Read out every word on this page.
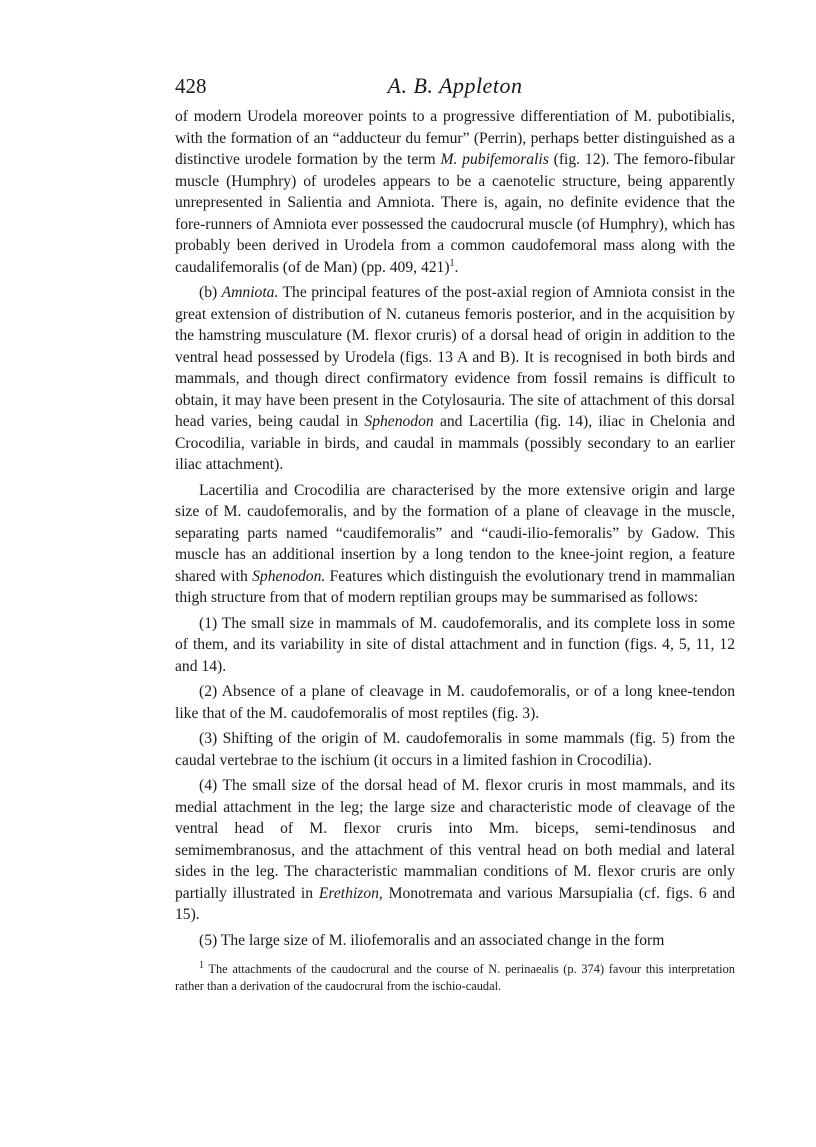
428	A. B. Appleton

of modern Urodela moreover points to a progressive differentiation of M. pubotibialis, with the formation of an “adducteur du femur” (Perrin), perhaps better distinguished as a distinctive urodele formation by the term M. pubifemoralis (fig. 12). The femoro-fibular muscle (Humphry) of urodeles appears to be a caenotelic structure, being apparently unrepresented in Salientia and Amniota. There is, again, no definite evidence that the fore-runners of Amniota ever possessed the caudocrural muscle (of Humphry), which has probably been derived in Urodela from a common caudofemoral mass along with the caudalifemoralis (of de Man) (pp. 409, 421)$^1$.

(b) Amniota. The principal features of the post-axial region of Amniota consist in the great extension of distribution of N. cutaneus femoris posterior, and in the acquisition by the hamstring musculature (M. flexor cruris) of a dorsal head of origin in addition to the ventral head possessed by Urodela (figs. 13 A and B). It is recognised in both birds and mammals, and though direct confirmatory evidence from fossil remains is difficult to obtain, it may have been present in the Cotylosauria. The site of attachment of this dorsal head varies, being caudal in Sphenodon and Lacertilia (fig. 14), iliac in Chelonia and Crocodilia, variable in birds, and caudal in mammals (possibly secondary to an earlier iliac attachment).

Lacertilia and Crocodilia are characterised by the more extensive origin and large size of M. caudofemoralis, and by the formation of a plane of cleavage in the muscle, separating parts named “caudifemoralis” and “caudi-ilio-femoralis” by Gadow. This muscle has an additional insertion by a long tendon to the knee-joint region, a feature shared with Sphenodon. Features which distinguish the evolutionary trend in mammalian thigh structure from that of modern reptilian groups may be summarised as follows:

(1) The small size in mammals of M. caudofemoralis, and its complete loss in some of them, and its variability in site of distal attachment and in function (figs. 4, 5, 11, 12 and 14).

(2) Absence of a plane of cleavage in M. caudofemoralis, or of a long knee-tendon like that of the M. caudofemoralis of most reptiles (fig. 3).

(3) Shifting of the origin of M. caudofemoralis in some mammals (fig. 5) from the caudal vertebrae to the ischium (it occurs in a limited fashion in Crocodilia).

(4) The small size of the dorsal head of M. flexor cruris in most mammals, and its medial attachment in the leg; the large size and characteristic mode of cleavage of the ventral head of M. flexor cruris into Mm. biceps, semi-tendinosus and semimembranosus, and the attachment of this ventral head on both medial and lateral sides in the leg. The characteristic mammalian conditions of M. flexor cruris are only partially illustrated in Erethizon, Monotremata and various Marsupialia (cf. figs. 6 and 15).

(5) The large size of M. iliofemoralis and an associated change in the form

$^1$ The attachments of the caudocrural and the course of N. perinaealis (p. 374) favour this interpretation rather than a derivation of the caudocrural from the ischio-caudal.
